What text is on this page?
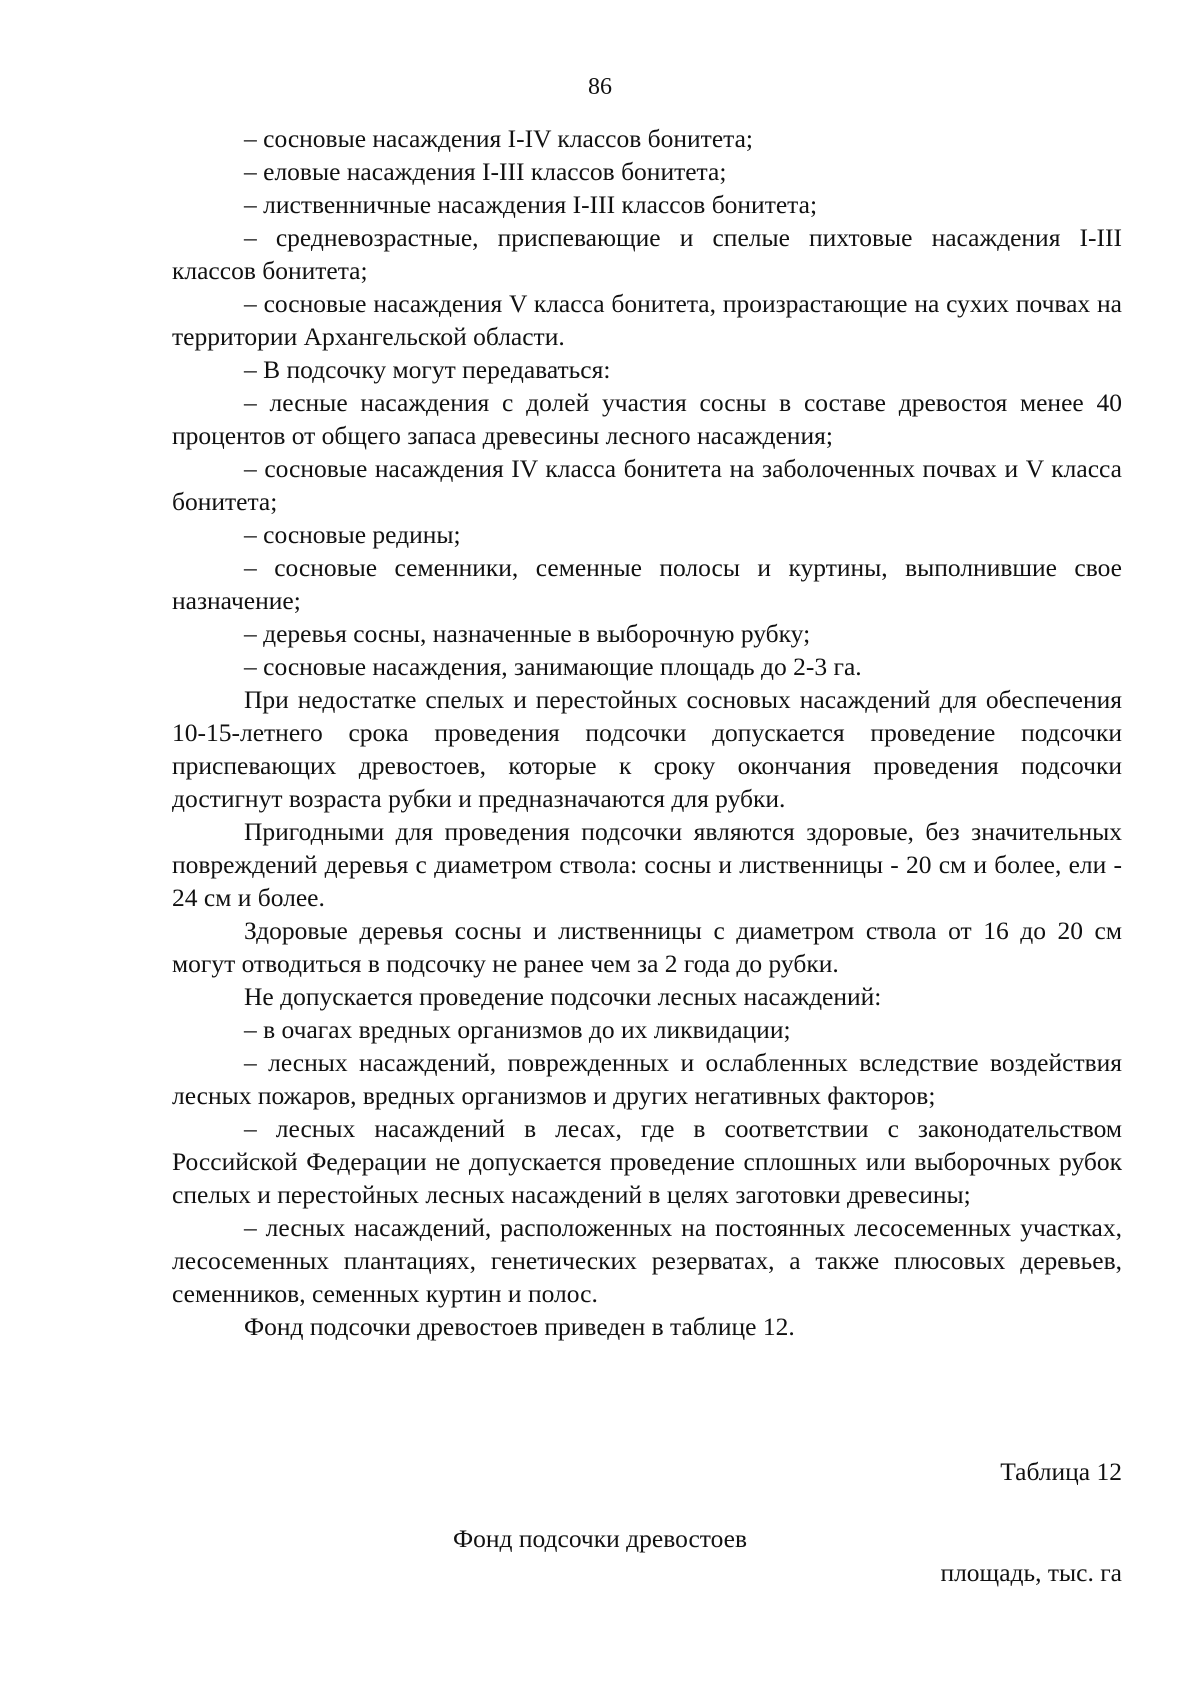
86

– сосновые насаждения I-IV классов бонитета;

– еловые насаждения I-III классов бонитета;

– лиственничные насаждения I-III классов бонитета;

– средневозрастные, приспевающие и спелые пихтовые насаждения I-III классов бонитета;

– сосновые насаждения V класса бонитета, произрастающие на сухих почвах на территории Архангельской области.

– В подсочку могут передаваться:

– лесные насаждения с долей участия сосны в составе древостоя менее 40 процентов от общего запаса древесины лесного насаждения;

– сосновые насаждения IV класса бонитета на заболоченных почвах и V класса бонитета;

– сосновые редины;

– сосновые семенники, семенные полосы и куртины, выполнившие свое назначение;

– деревья сосны, назначенные в выборочную рубку;

– сосновые насаждения, занимающие площадь до 2-3 га.

При недостатке спелых и перестойных сосновых насаждений для обеспечения 10-15-летнего срока проведения подсочки допускается проведение подсочки приспевающих древостоев, которые к сроку окончания проведения подсочки достигнут возраста рубки и предназначаются для рубки.

Пригодными для проведения подсочки являются здоровые, без значительных повреждений деревья с диаметром ствола: сосны и лиственницы - 20 см и более, ели - 24 см и более.

Здоровые деревья сосны и лиственницы с диаметром ствола от 16 до 20 см могут отводиться в подсочку не ранее чем за 2 года до рубки.

Не допускается проведение подсочки лесных насаждений:

– в очагах вредных организмов до их ликвидации;

– лесных насаждений, поврежденных и ослабленных вследствие воздействия лесных пожаров, вредных организмов и других негативных факторов;

– лесных насаждений в лесах, где в соответствии с законодательством Российской Федерации не допускается проведение сплошных или выборочных рубок спелых и перестойных лесных насаждений в целях заготовки древесины;

– лесных насаждений, расположенных на постоянных лесосеменных участках, лесосеменных плантациях, генетических резерватах, а также плюсовых деревьев, семенников, семенных куртин и полос.

Фонд подсочки древостоев приведен в таблице 12.

Таблица 12
Фонд подсочки древостоев
площадь, тыс. га
